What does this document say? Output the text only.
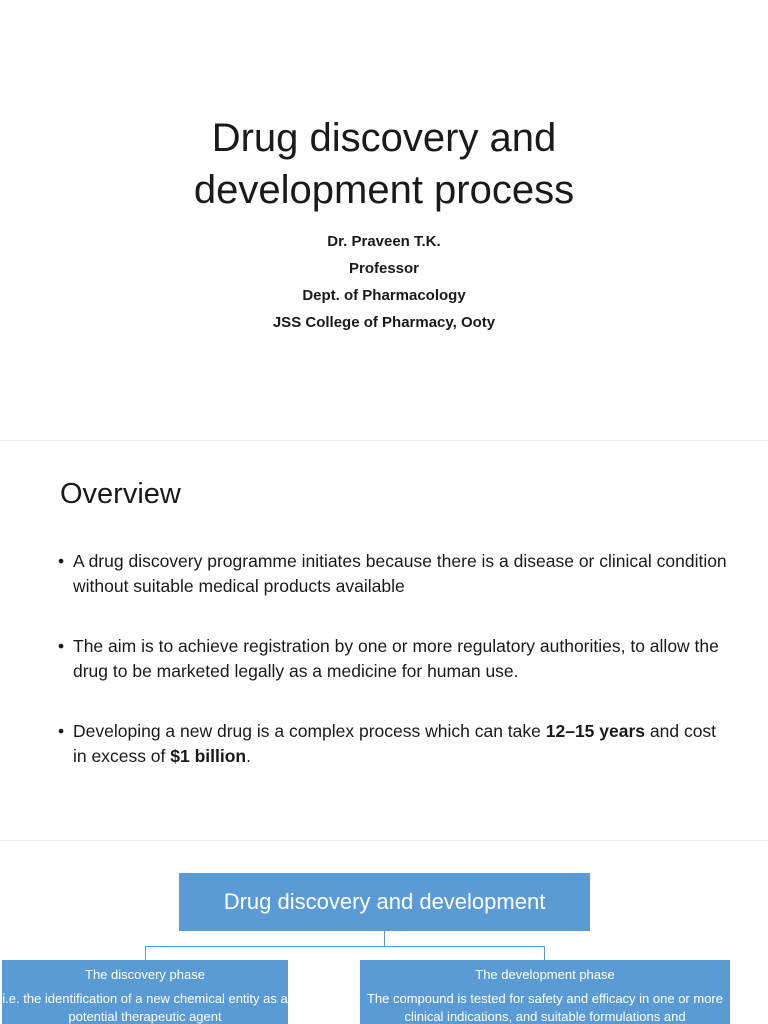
Drug discovery and
development process
Dr. Praveen T.K.
Professor
Dept. of Pharmacology
JSS College of Pharmacy, Ooty
Overview
• A drug discovery programme initiates because there is a disease or clinical condition without suitable medical products available
• The aim is to achieve registration by one or more regulatory authorities, to allow the drug to be marketed legally as a medicine for human use.
• Developing a new drug is a complex process which can take 12–15 years and cost in excess of $1 billion.
Drug discovery and development
The discovery phase
i.e. the identification of a new chemical entity as a potential therapeutic agent
The development phase
The compound is tested for safety and efficacy in one or more clinical indications, and suitable formulations and
